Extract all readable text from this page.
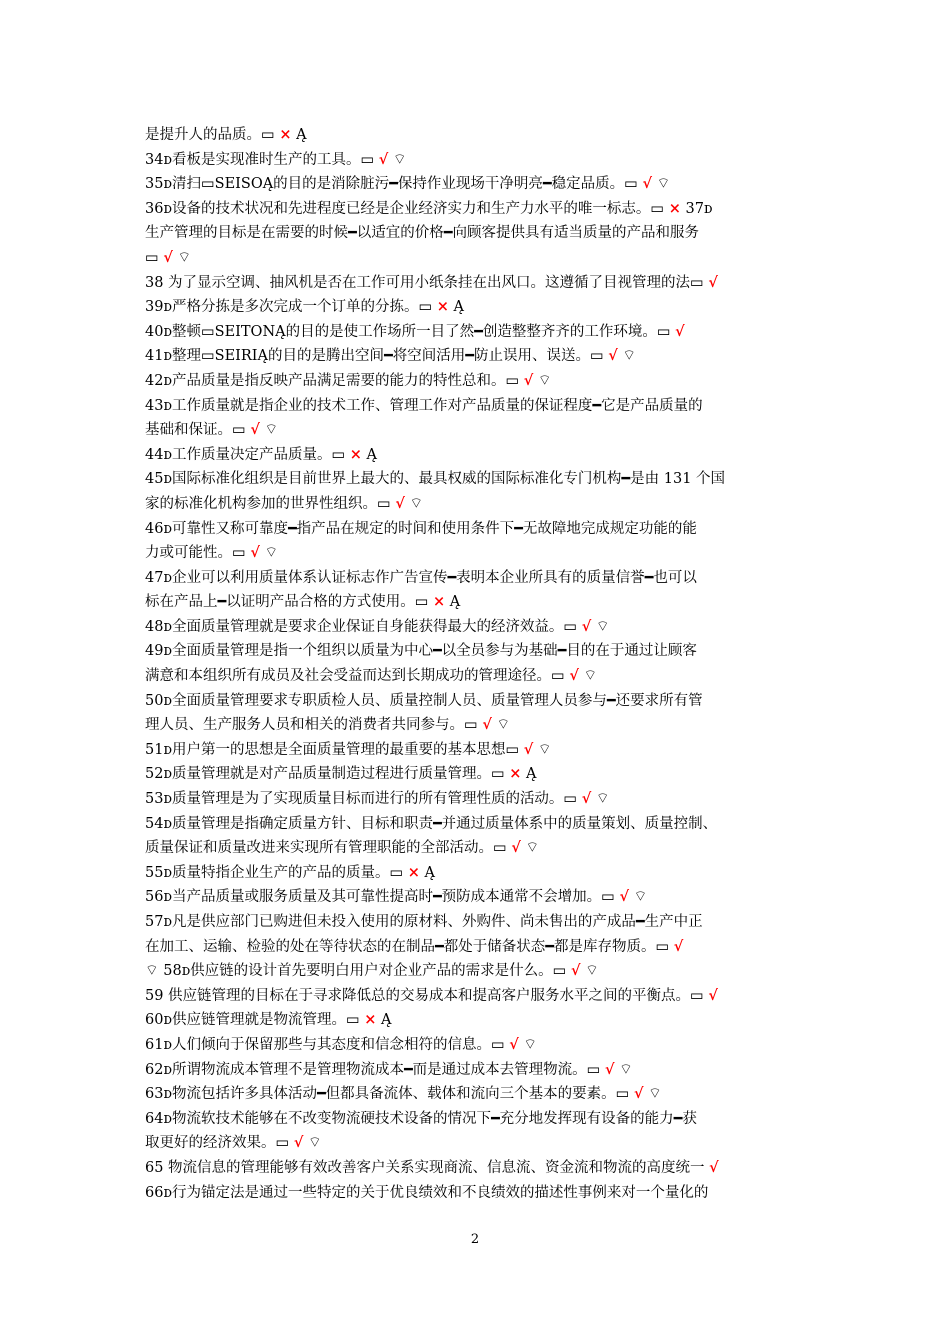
是提升人的品质。▭ × Ą
34ᴅ看板是实现准时生产的工具。▭ √ ⌔
35ᴅ清扫▭SEISOĄ的目的是消除脏污━保持作业现场干净明亮━稳定品质。▭ √ ⌔
36ᴅ设备的技术状况和先进程度已经是企业经济实力和生产力水平的唯一标志。▭ × 37ᴅ
生产管理的目标是在需要的时候━以适宜的价格━向顾客提供具有适当质量的产品和服务
▭ √ ⌔
38 为了显示空调、抽风机是否在工作可用小纸条挂在出风口。这遵循了目视管理的法▭ √
39ᴅ严格分拣是多次完成一个订单的分拣。▭ × Ą
40ᴅ整顿▭SEITONĄ的目的是使工作场所一目了然━创造整整齐齐的工作环境。▭ √
41ᴅ整理▭SEIRIĄ的目的是腾出空间━将空间活用━防止误用、误送。▭ √ ⌔
42ᴅ产品质量是指反映产品满足需要的能力的特性总和。▭ √ ⌔
43ᴅ工作质量就是指企业的技术工作、管理工作对产品质量的保证程度━它是产品质量的
基础和保证。▭ √ ⌔
44ᴅ工作质量决定产品质量。▭ × Ą
45ᴅ国际标准化组织是目前世界上最大的、最具权威的国际标准化专门机构━是由 131 个国
家的标准化机构参加的世界性组织。▭ √ ⌔
46ᴅ可靠性又称可靠度━指产品在规定的时间和使用条件下━无故障地完成规定功能的能
力或可能性。▭ √ ⌔
47ᴅ企业可以利用质量体系认证标志作广告宣传━表明本企业所具有的质量信誉━也可以
标在产品上━以证明产品合格的方式使用。▭ × Ą
48ᴅ全面质量管理就是要求企业保证自身能获得最大的经济效益。▭ √ ⌔
49ᴅ全面质量管理是指一个组织以质量为中心━以全员参与为基础━目的在于通过让顾客
满意和本组织所有成员及社会受益而达到长期成功的管理途径。▭ √ ⌔
50ᴅ全面质量管理要求专职质检人员、质量控制人员、质量管理人员参与━还要求所有管
理人员、生产服务人员和相关的消费者共同参与。▭ √ ⌔
51ᴅ用户第一的思想是全面质量管理的最重要的基本思想▭ √ ⌔
52ᴅ质量管理就是对产品质量制造过程进行质量管理。▭ × Ą
53ᴅ质量管理是为了实现质量目标而进行的所有管理性质的活动。▭ √ ⌔
54ᴅ质量管理是指确定质量方针、目标和职责━并通过质量体系中的质量策划、质量控制、
质量保证和质量改进来实现所有管理职能的全部活动。▭ √ ⌔
55ᴅ质量特指企业生产的产品的质量。▭ × Ą
56ᴅ当产品质量或服务质量及其可靠性提高时━预防成本通常不会增加。▭ √ ⌔
57ᴅ凡是供应部门已购进但未投入使用的原材料、外购件、尚未售出的产成品━生产中正
在加工、运输、检验的处在等待状态的在制品━都处于储备状态━都是库存物质。▭ √
⌔ 58ᴅ供应链的设计首先要明白用户对企业产品的需求是什么。▭ √ ⌔
59 供应链管理的目标在于寻求降低总的交易成本和提高客户服务水平之间的平衡点。▭ √
60ᴅ供应链管理就是物流管理。▭ × Ą
61ᴅ人们倾向于保留那些与其态度和信念相符的信息。▭ √ ⌔
62ᴅ所谓物流成本管理不是管理物流成本━而是通过成本去管理物流。▭ √ ⌔
63ᴅ物流包括许多具体活动━但都具备流体、载体和流向三个基本的要素。▭ √ ⌔
64ᴅ物流软技术能够在不改变物流硬技术设备的情况下━充分地发挥现有设备的能力━获
取更好的经济效果。▭ √ ⌔
65 物流信息的管理能够有效改善客户关系实现商流、信息流、资金流和物流的高度统一 √
66ᴅ行为锚定法是通过一些特定的关于优良绩效和不良绩效的描述性事例来对一个量化的
2
